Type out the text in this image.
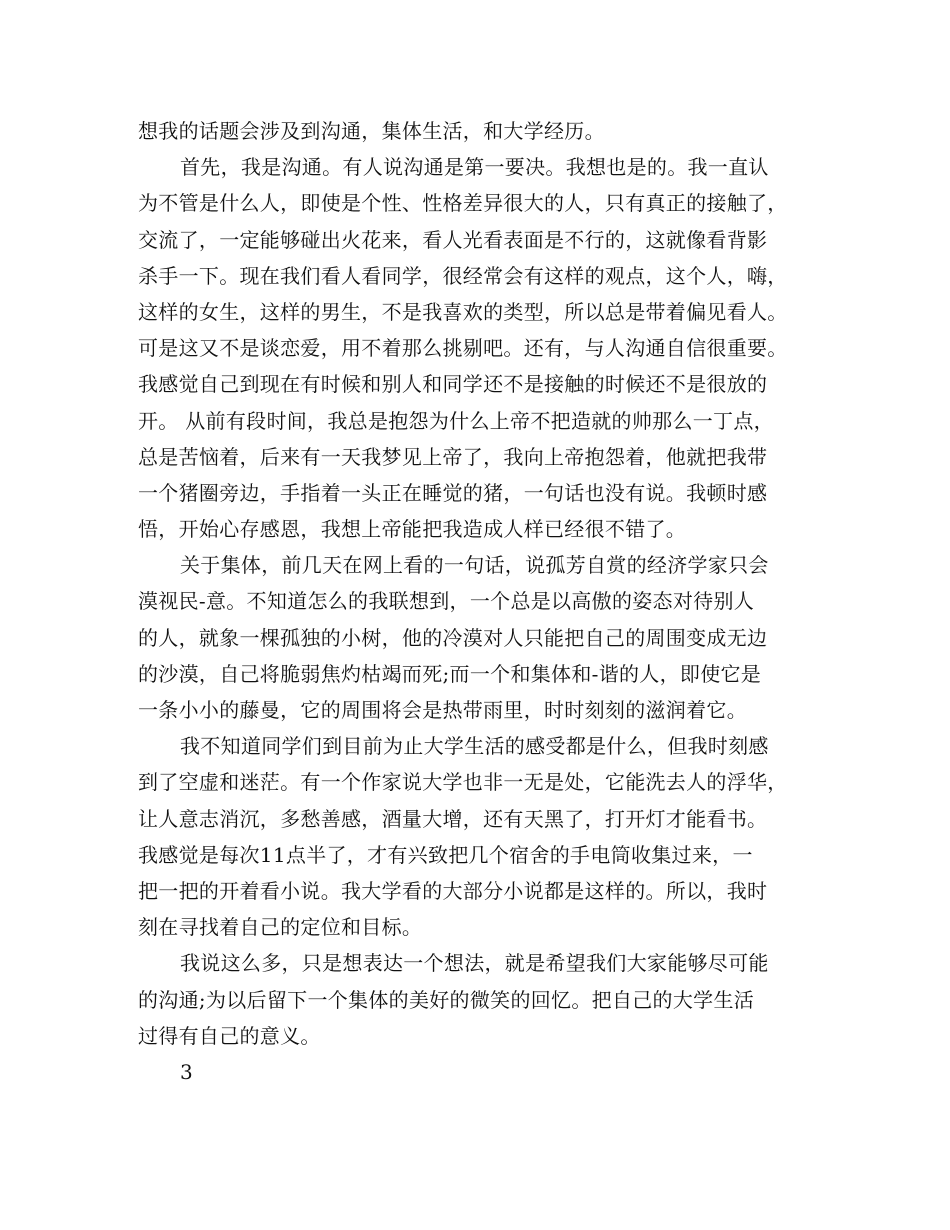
想我的话题会涉及到沟通，集体生活，和大学经历。
首先，我是沟通。有人说沟通是第一要决。我想也是的。我一直认
为不管是什么人，即使是个性、性格差异很大的人，只有真正的接触了，
交流了，一定能够碰出火花来，看人光看表面是不行的，这就像看背影
杀手一下。现在我们看人看同学，很经常会有这样的观点，这个人，嗨，
这样的女生，这样的男生，不是我喜欢的类型，所以总是带着偏见看人。
可是这又不是谈恋爱，用不着那么挑剔吧。还有，与人沟通自信很重要。
我感觉自己到现在有时候和别人和同学还不是接触的时候还不是很放的
开。 从前有段时间，我总是抱怨为什么上帝不把造就的帅那么一丁点，
总是苦恼着，后来有一天我梦见上帝了，我向上帝抱怨着，他就把我带
一个猪圈旁边，手指着一头正在睡觉的猪，一句话也没有说。我顿时感
悟，开始心存感恩，我想上帝能把我造成人样已经很不错了。
关于集体，前几天在网上看的一句话，说孤芳自赏的经济学家只会
漠视民-意。不知道怎么的我联想到，一个总是以高傲的姿态对待别人
的人，就象一棵孤独的小树，他的冷漠对人只能把自己的周围变成无边
的沙漠，自己将脆弱焦灼枯竭而死;而一个和集体和-谐的人，即使它是
一条小小的藤曼，它的周围将会是热带雨里，时时刻刻的滋润着它。
我不知道同学们到目前为止大学生活的感受都是什么，但我时刻感
到了空虚和迷茫。有一个作家说大学也非一无是处，它能洗去人的浮华，
让人意志消沉，多愁善感，酒量大增，还有天黑了，打开灯才能看书。
我感觉是每次11点半了，才有兴致把几个宿舍的手电筒收集过来，一
把一把的开着看小说。我大学看的大部分小说都是这样的。所以，我时
刻在寻找着自己的定位和目标。
我说这么多，只是想表达一个想法，就是希望我们大家能够尽可能
的沟通;为以后留下一个集体的美好的微笑的回忆。把自己的大学生活
过得有自己的意义。
3
